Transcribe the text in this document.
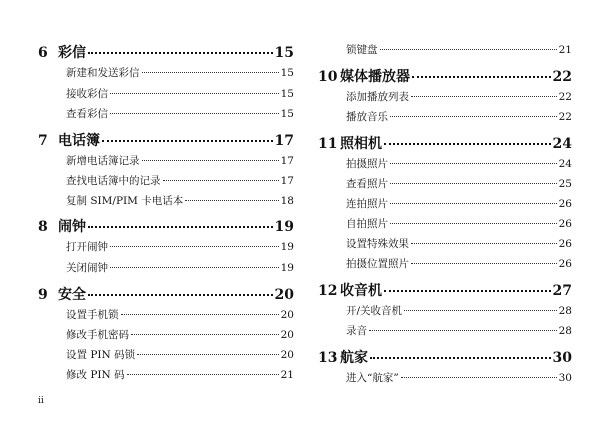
6 彩信	15
新建和发送彩信	15
接收彩信	15
查看彩信	15
7 电话簿	17
新增电话簿记录	17
查找电话簿中的记录	17
复制 SIM/PIM 卡电话本	18
8 闹钟	19
打开闹钟	19
关闭闹钟	19
9 安全	20
设置手机锁	20
修改手机密码	20
设置 PIN 码锁	20
修改 PIN 码	21
锁键盘	21
10 媒体播放器	22
添加播放列表	22
播放音乐	22
11 照相机	24
拍摄照片	24
查看照片	25
连拍照片	26
自拍照片	26
设置特殊效果	26
拍摄位置照片	26
12 收音机	27
开/关收音机	28
录音	28
13 航家	30
进入“航家”	30
ii
